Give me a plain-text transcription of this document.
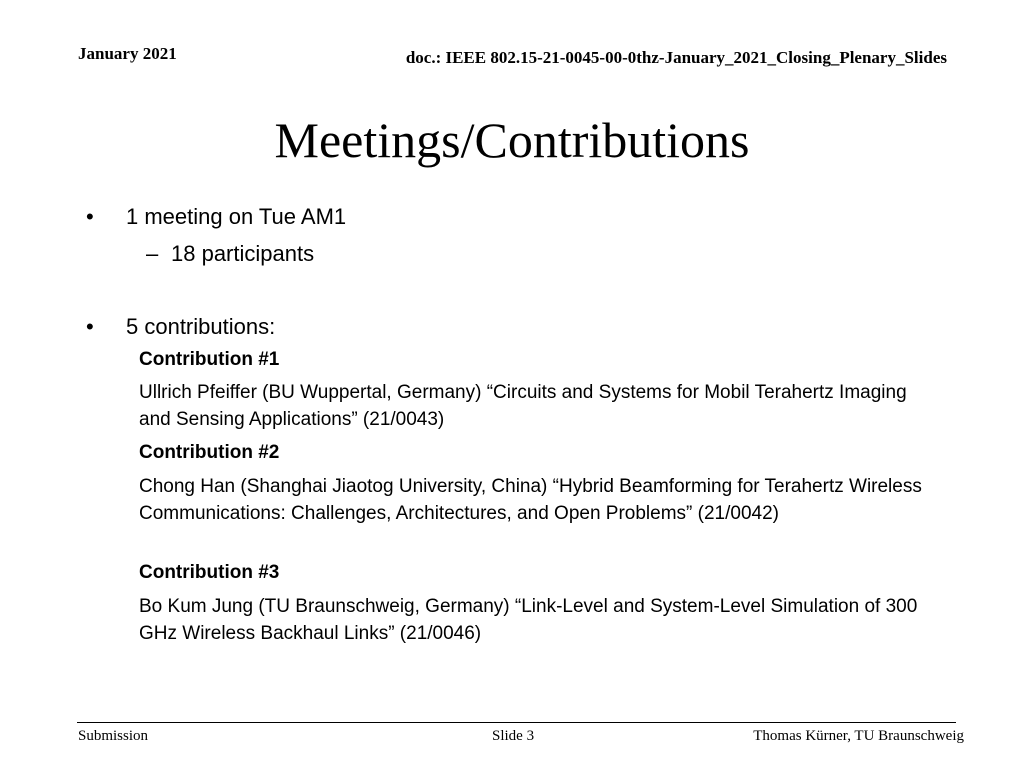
January 2021	doc.: IEEE 802.15-21-0045-00-0thz-January_2021_Closing_Plenary_Slides
Meetings/Contributions
• 1 meeting on Tue AM1
– 18 participants
• 5 contributions:
Contribution #1
Ullrich Pfeiffer (BU Wuppertal, Germany) “Circuits and Systems for Mobil Terahertz Imaging and Sensing Applications” (21/0043)
Contribution #2
Chong Han (Shanghai Jiaotog University, China) “Hybrid Beamforming for Terahertz Wireless Communications: Challenges, Architectures, and Open Problems” (21/0042)
Contribution #3
Bo Kum Jung (TU Braunschweig, Germany) “Link-Level and System-Level Simulation of 300 GHz Wireless Backhaul Links” (21/0046)
Submission	Slide 3	Thomas Kürner, TU Braunschweig
